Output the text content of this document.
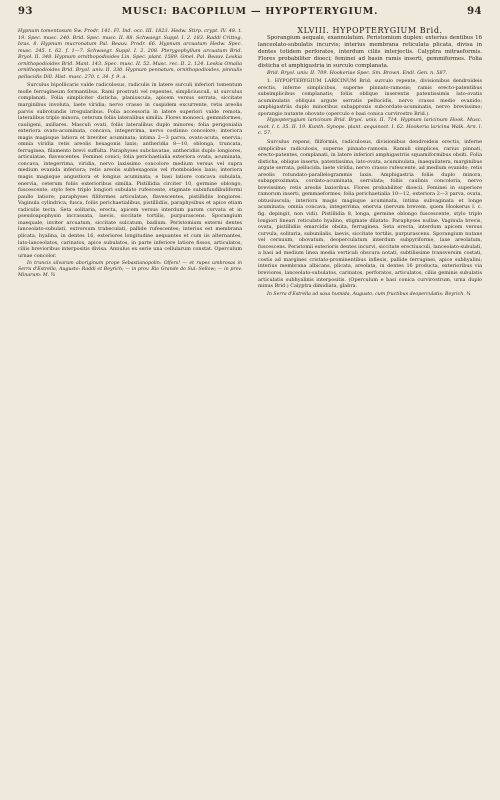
93	MUSCI: BACOPILUM — HYPOPTERYGIUM.	94

Hypnum tomentosum Sw. Prodr. 141. Fl. Ind. occ. III. 1823. Hedw. Stirp. crypt. IV. 48. t. 19. Spec. musc. 240. Brid. Spec. musc. II. 88. Schwaegr. Suppl. I. 2. 183. Raddi Crittog. bras. 8. Hypnum mucronatum Pal. Beauv. Prodr. 66. Hypnum arcuatum Hedw. Spec. musc. 245. t. 62. f. 1—7. Schwaegr. Suppl. I. 2. 208. Pterygophyllum arcuatum Brid. Bryol. II. 348. Hypnum ornithopodioides Lin. Spec. plant. 1589. Gmel. Pal. Beauv. Leskia ornithopodioides Brid. Mant. 143. Spec. musc. II. 52. Musc. rec. II. 2. 124. Leskia Omalia ornithopodioides Brid. Bryol. univ. II. 330. Hypnum pennatum, ornithopodioides, pinnulis pellucidis Dill. Hist. musc. 270. t. 34. f. 9. a.

Surculus bipollicaris valde radiculosus, radiculis in latere surculi inferiori tomentum molle ferrugineum formantibus. Rami prostrati vel repentes, simpliciusculi, ut surculus complanati. Folia simpliciter disticha, planiuscula, apicem versus serrata, siccitate marginibus involuta, laete viridia; nervo crasso in cuspidem excurrente, retis areolis parvis subrotundis irregularibus. Folia accessoria in latere superiori valde remota, lateralibus triplo minora, ceterum foliis lateralibus similia. Flores monoeci, gemmiformes, cauligeni, axillares. Masculi ovati, foliis lateralibus duplo minores; folia perigonialia exteriora ovato-acuminata, concava, integerrima, nervo costinno concolore; interiora magis magisque latiora et breviter acuminata; intima 2—3 parva, ovato-acuta, enervia; omnia viridia retis areolis hexagonis laxis; antheridia 8—10, oblonga, truncata, ferruginea, filamento brevi suffulta. Paraphyses subclavatae, antheridiis duplo longiores, articulatae, flavescentes. Feminei conici; folia perichaetialia exteriora ovata, acuminata, concava, integerrima, viridia, nervo laxissimo concolore medium versus vel supra medium evanida inferiora; retis areolis subhexagonis vel rhomboideis laxis; interiora magis magisque angustiora et longius acuminata, e basi latiore concava subulata, enervia, ceterum foliis exterioribus similia. Pistillidia circiter 10, germine oblongo, fuscescente, stylo fere triplo longiori subulato rufescente, stigmate subinfundibuliformi paullo latiore; paraphyses filiformes articulatae, flavescentes, pistillidiis longiores. Vaginula cylindrica, fusca, foliis perichaetialibus, pistillidiis, paraphysibus et apice etiam radiculis tecta. Seta solitaria, erecta, apicem versus interdum parum curvata et in pseudoapophysin incrassata, laevis, siccitate tortilis, purpurascens. Sporangium inaequale, inviter arcuatum, siccitate sulcatum, badium. Peristomium externi dentes lanceolato-subulati, extrorsum trabeculati, pallide rufescentes; interius est membrana plicata, hyalina, in dentes 16, exteriores longitudine aequantes et cum iis alternantes, lato-lanceolatos, carinatos, apice subulatos, in parte inferiore latiore fissos, articulatos, ciliis brevioribus interpositis divisa. Annulus ex serie una cellularum constat. Operculum urnae concolor.

In truncis silvarum aboriginum prope Sebastianopolin: Olfers! — et rupes umbrosas in Serra d'Estrella, Augusto: Raddi et Beyrich; — in prov. Rio Grande do Sul: Sellow; — in prov. Minarum: M. ¾

XLVIII. HYPOPTERYGIUM Brid.

Sporangium aequale, exannulatum. Peristomium duplex: exterius dentibus 16 lanceolato-subulatis incurvis; interius membrana reticulata plicata, divisa in dentes totidem perforatos, interdum ciliis interjectis. Calyptra mitraeformis. Flores probabiliter dioeci; feminei ad basin ramis inserti, gemmiformes. Folia disticha et amphigastria in surculo complanata.

Brid. Bryol. univ. II. 709. Hookeriae Spec. Sm. Brown. Endl. Gen. n. 587.

1. HYPOPTERYGIUM LARICINUM Brid. surculo repente, divisionibus dendroideis erectis, inferne simplicibus, superne pinnato-ramosis; ramis erecto-patentibus subsimplicibus complanatis; foliis oblique inserentis patentissimis lato-ovatis acuminulatis obliquis argute serratis pellucidis, nervo crasso medio evanido; amphigastriis duplo minoribus subapproxis subcordato-acuminatis, nervo brevissimo; sporangio nutante obovato (operculo e basi conica curvirostro Brid.).

Hypopterygium laricinum Brid. Bryol. univ. II. 714. Hypnum laricinum Hook. Musc. exot. I. t. 35. II. 19. Kunth. Synops. plant. aequinoct. I. 62. Hookeria laricina Walk. Arn. l. c. 57.

Surculus repens, filiformis, radiculosus, divisionibus dendroideis erectis, inferne simplicibus radiculosis, superne pinnato-ramosis. Ramuli simplices, rarius pinnati, erecto-patentes, complanati, in latere inferiori amphigastriis squamiformibus obsiti. Folia disticha, oblique inserta, patentissima, lato-ovata, acuminulata, inaequilatera, marginibus argute serrata, pellucida, laete viridia, nervo crasso rufescente, ad medium evanido; retis areolis rotundato-parallelogrammis laxis. Amphigastria foliis duplo minora, subapproximata, cordato-acuminata, serrulata; foliis caulinis concoloria, nervo brevissimo; retis areolis laxioribus. Flores probabiliter dioecii. Feminei in superiore ramorum inserti, gemmaeformes; folia perichaetialia 10—12, exteriora 2—3 parva, ovata, obtusiuscula; interiora magis magisque acuminata, intima subvaginata et longe acuminata; omnia concava, integerrima, enervia (nervum brevem, quem Hookerus l. c. fig. depingit, non vidi). Pistillidia 8, longa, germine oblongo fuscescente, stylo triplo longiori lineari reticulato hyalino, stigmate dilatato. Paraphyses nullae. Vaginula brevis, ovata, pistillidiis emarcidis obsita, ferruginea. Seta erecta, interdum apicem versus curvula, solitaria, subunilalis, laevis, siccitate tortilis, purpurascens. Sporangium nutans vel cernuum, obovatum, deoperculatum interdum subpyriforme, laxe areolatum, fuscescens. Peristomii exterioris dentes incurvi, siccitate erectiusculi, lanceolato-subulati, a basi ad medium linea media verticali obscura notati, subtilissime transversim costati, costis ad margines cristato-prominentibus inflexis, pallide ferruginei, apice subhyalini; interius membrana albicans, plicata, areolata, in dentes 16 producta, exterioribus via breviores, lanceolato-subulatos, carinatos, perforatos, articulatos, ciliis geminis subulatis articulatis subhyalinis interpositis. (Operculum e basi conica curvirostrum, urna duplo minus Brid.) Calyptra dimidiata, glabra.

In Serra d'Estrella ad saxa humida, Augusto, cum fructibus deoperculatis: Beyrich. ¾
